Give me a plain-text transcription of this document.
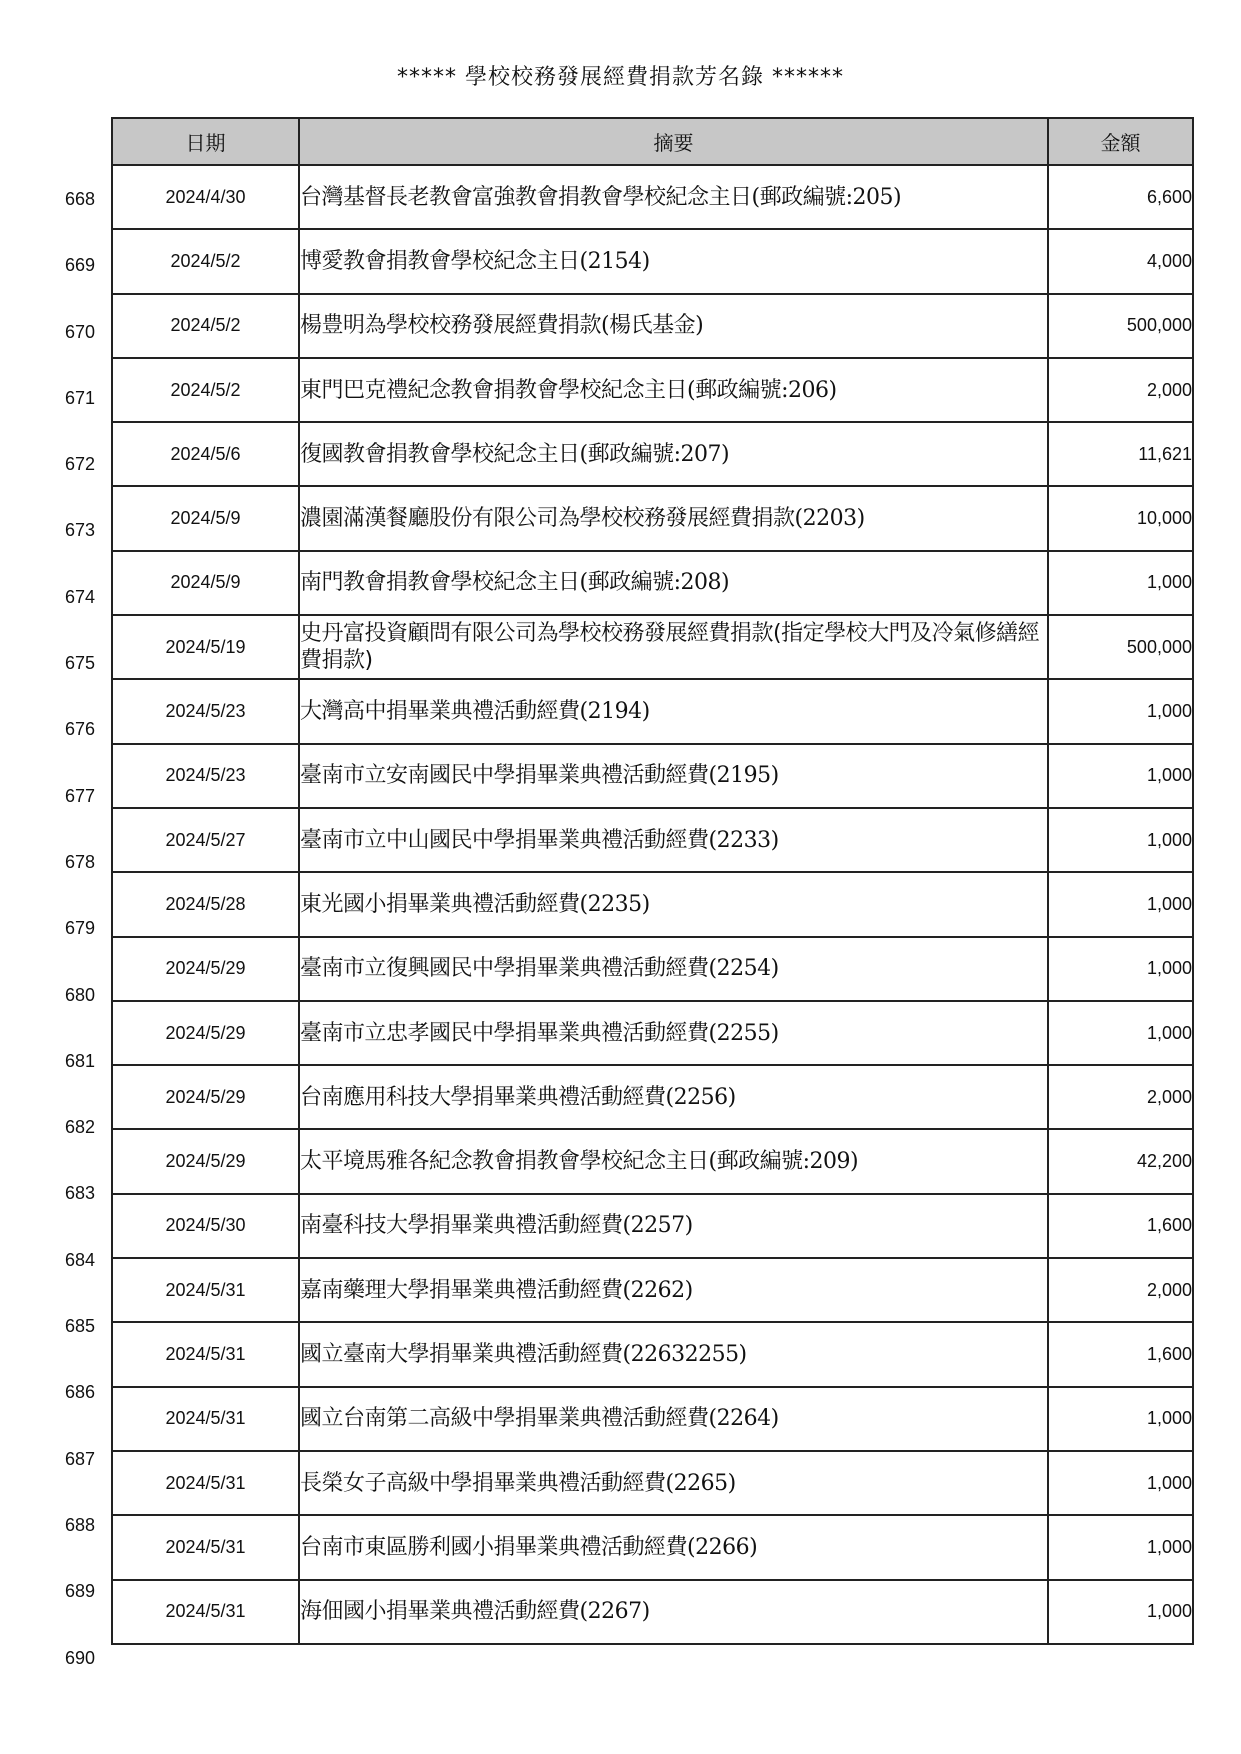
***** 學校校務發展經費捐款芳名錄 ******
668
669
670
671
672
673
674
675
676
677
678
679
680
681
682
683
684
685
686
687
688
689
690
日期	摘要	金額
2024/4/30	台灣基督長老教會富強教會捐教會學校紀念主日(郵政編號:205)	6,600
2024/5/2	博愛教會捐教會學校紀念主日(2154)	4,000
2024/5/2	楊豊明為學校校務發展經費捐款(楊氏基金)	500,000
2024/5/2	東門巴克禮紀念教會捐教會學校紀念主日(郵政編號:206)	2,000
2024/5/6	復國教會捐教會學校紀念主日(郵政編號:207)	11,621
2024/5/9	濃園滿漢餐廳股份有限公司為學校校務發展經費捐款(2203)	10,000
2024/5/9	南門教會捐教會學校紀念主日(郵政編號:208)	1,000
2024/5/19	史丹富投資顧問有限公司為學校校務發展經費捐款(指定學校大門及冷氣修繕經費捐款)	500,000
2024/5/23	大灣高中捐畢業典禮活動經費(2194)	1,000
2024/5/23	臺南市立安南國民中學捐畢業典禮活動經費(2195)	1,000
2024/5/27	臺南市立中山國民中學捐畢業典禮活動經費(2233)	1,000
2024/5/28	東光國小捐畢業典禮活動經費(2235)	1,000
2024/5/29	臺南市立復興國民中學捐畢業典禮活動經費(2254)	1,000
2024/5/29	臺南市立忠孝國民中學捐畢業典禮活動經費(2255)	1,000
2024/5/29	台南應用科技大學捐畢業典禮活動經費(2256)	2,000
2024/5/29	太平境馬雅各紀念教會捐教會學校紀念主日(郵政編號:209)	42,200
2024/5/30	南臺科技大學捐畢業典禮活動經費(2257)	1,600
2024/5/31	嘉南藥理大學捐畢業典禮活動經費(2262)	2,000
2024/5/31	國立臺南大學捐畢業典禮活動經費(22632255)	1,600
2024/5/31	國立台南第二高級中學捐畢業典禮活動經費(2264)	1,000
2024/5/31	長榮女子高級中學捐畢業典禮活動經費(2265)	1,000
2024/5/31	台南市東區勝利國小捐畢業典禮活動經費(2266)	1,000
2024/5/31	海佃國小捐畢業典禮活動經費(2267)	1,000
